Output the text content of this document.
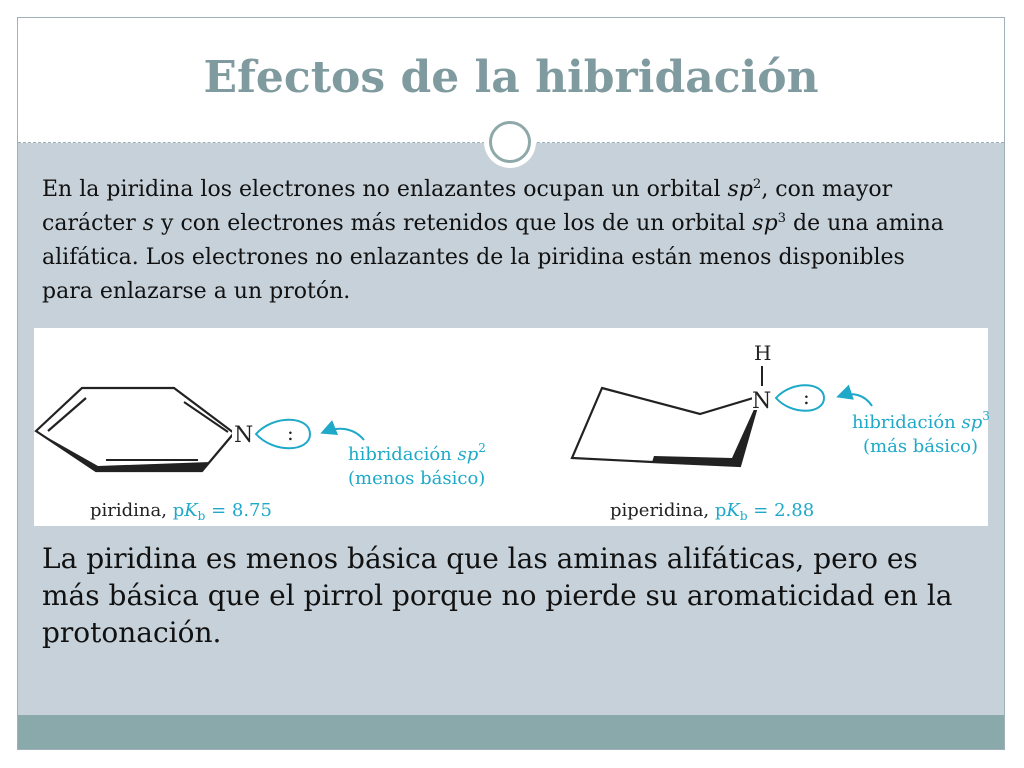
Efectos de la hibridación
En la piridina los electrones no enlazantes ocupan un orbital $sp^2$, con mayor carácter s y con electrones más retenidos que los de un orbital $sp^3$ de una amina alifática. Los electrones no enlazantes de la piridina están menos disponibles para enlazarse a un protón.
N :
hibridación $sp^2$
(menos básico)
piridina, $pK_b = 8.75$
H
N :
hibridación $sp^3$
(más básico)
piperidina, $pK_b = 2.88$
La piridina es menos básica que las aminas alifáticas, pero es más básica que el pirrol porque no pierde su aromaticidad en la protonación.
